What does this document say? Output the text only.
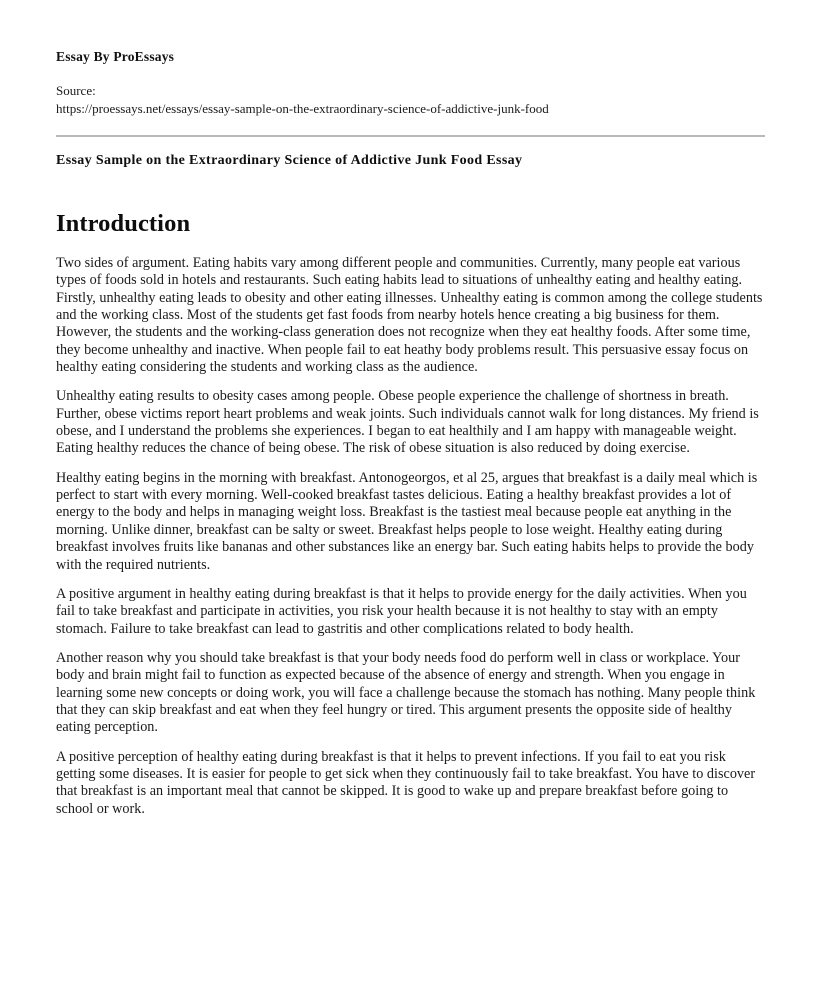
Essay By ProEssays
Source:
https://proessays.net/essays/essay-sample-on-the-extraordinary-science-of-addictive-junk-food
Essay Sample on the Extraordinary Science of Addictive Junk Food Essay
Introduction

Two sides of argument. Eating habits vary among different people and communities. Currently, many people eat various types of foods sold in hotels and restaurants. Such eating habits lead to situations of unhealthy eating and healthy eating. Firstly, unhealthy eating leads to obesity and other eating illnesses. Unhealthy eating is common among the college students and the working class. Most of the students get fast foods from nearby hotels hence creating a big business for them. However, the students and the working-class generation does not recognize when they eat healthy foods. After some time, they become unhealthy and inactive. When people fail to eat heathy body problems result. This persuasive essay focus on healthy eating considering the students and working class as the audience.

Unhealthy eating results to obesity cases among people. Obese people experience the challenge of shortness in breath. Further, obese victims report heart problems and weak joints. Such individuals cannot walk for long distances. My friend is obese, and I understand the problems she experiences. I began to eat healthily and I am happy with manageable weight. Eating healthy reduces the chance of being obese. The risk of obese situation is also reduced by doing exercise.

Healthy eating begins in the morning with breakfast. Antonogeorgos, et al 25, argues that breakfast is a daily meal which is perfect to start with every morning. Well-cooked breakfast tastes delicious. Eating a healthy breakfast provides a lot of energy to the body and helps in managing weight loss. Breakfast is the tastiest meal because people eat anything in the morning. Unlike dinner, breakfast can be salty or sweet. Breakfast helps people to lose weight. Healthy eating during breakfast involves fruits like bananas and other substances like an energy bar. Such eating habits helps to provide the body with the required nutrients.

A positive argument in healthy eating during breakfast is that it helps to provide energy for the daily activities. When you fail to take breakfast and participate in activities, you risk your health because it is not healthy to stay with an empty stomach. Failure to take breakfast can lead to gastritis and other complications related to body health.

Another reason why you should take breakfast is that your body needs food do perform well in class or workplace. Your body and brain might fail to function as expected because of the absence of energy and strength. When you engage in learning some new concepts or doing work, you will face a challenge because the stomach has nothing. Many people think that they can skip breakfast and eat when they feel hungry or tired. This argument presents the opposite side of healthy eating perception.

A positive perception of healthy eating during breakfast is that it helps to prevent infections. If you fail to eat you risk getting some diseases. It is easier for people to get sick when they continuously fail to take breakfast. You have to discover that breakfast is an important meal that cannot be skipped. It is good to wake up and prepare breakfast before going to school or work.
